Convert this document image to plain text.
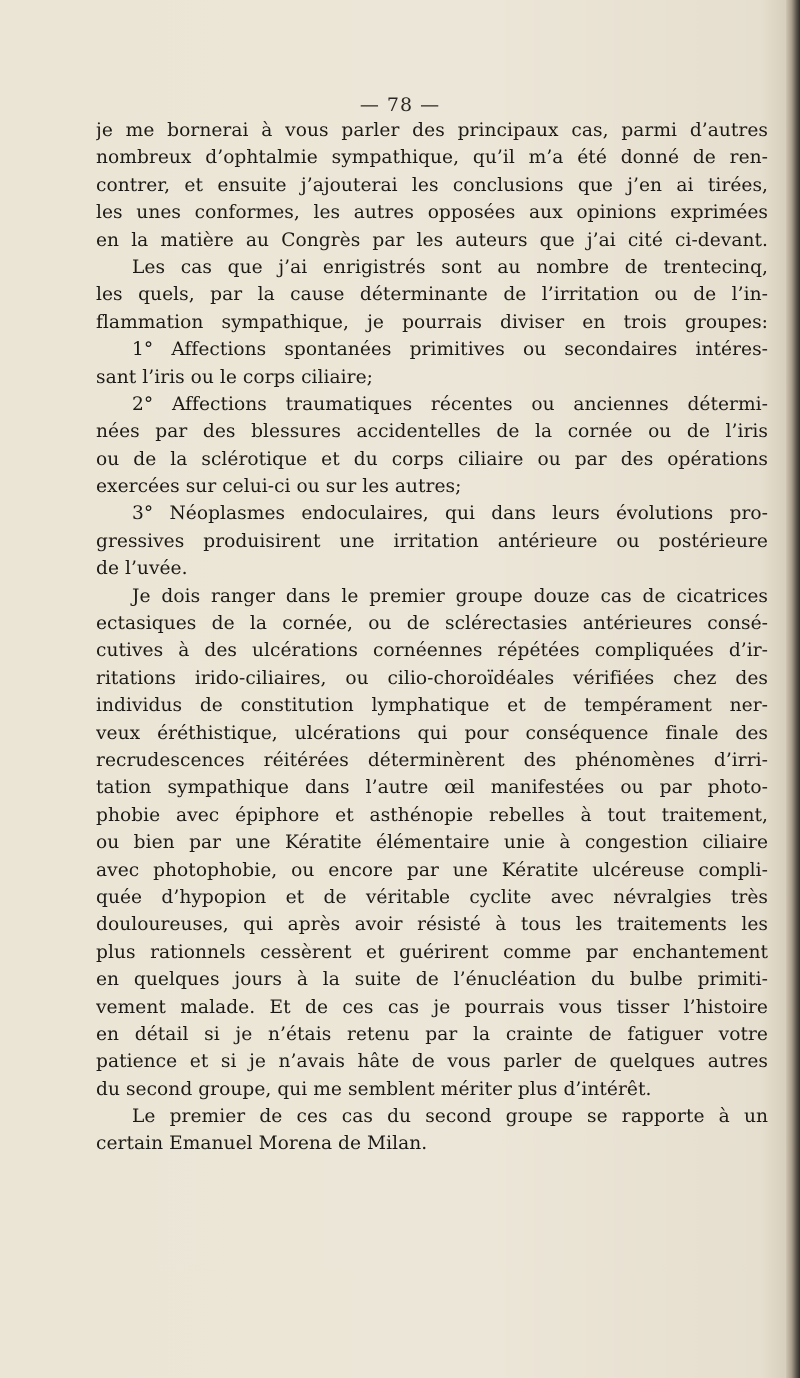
— 78 —
je me bornerai à vous parler des principaux cas, parmi d’autres
nombreux d’ophtalmie sympathique, qu’il m’a été donné de ren-
contrer, et ensuite j’ajouterai les conclusions que j’en ai tirées,
les unes conformes, les autres opposées aux opinions exprimées
en la matière au Congrès par les auteurs que j’ai cité ci-devant.
Les cas que j’ai enrigistrés sont au nombre de trentecinq,
les quels, par la cause déterminante de l’irritation ou de l’in-
flammation sympathique, je pourrais diviser en trois groupes:
1° Affections spontanées primitives ou secondaires intéres-
sant l’iris ou le corps ciliaire;
2° Affections traumatiques récentes ou anciennes détermi-
nées par des blessures accidentelles de la cornée ou de l’iris
ou de la sclérotique et du corps ciliaire ou par des opérations
exercées sur celui-ci ou sur les autres;
3° Néoplasmes endoculaires, qui dans leurs évolutions pro-
gressives produisirent une irritation antérieure ou postérieure
de l’uvée.
Je dois ranger dans le premier groupe douze cas de cicatrices
ectasiques de la cornée, ou de sclérectasies antérieures consé-
cutives à des ulcérations cornéennes répétées compliquées d’ir-
ritations irido-ciliaires, ou cilio-choroïdéales vérifiées chez des
individus de constitution lymphatique et de tempérament ner-
veux éréthistique, ulcérations qui pour conséquence finale des
recrudescences réitérées déterminèrent des phénomènes d’irri-
tation sympathique dans l’autre œil manifestées ou par photo-
phobie avec épiphore et asthénopie rebelles à tout traitement,
ou bien par une Kératite élémentaire unie à congestion ciliaire
avec photophobie, ou encore par une Kératite ulcéreuse compli-
quée d’hypopion et de véritable cyclite avec névralgies très
douloureuses, qui après avoir résisté à tous les traitements les
plus rationnels cessèrent et guérirent comme par enchantement
en quelques jours à la suite de l’énucléation du bulbe primiti-
vement malade. Et de ces cas je pourrais vous tisser l’histoire
en détail si je n’étais retenu par la crainte de fatiguer votre
patience et si je n’avais hâte de vous parler de quelques autres
du second groupe, qui me semblent mériter plus d’intérêt.
Le premier de ces cas du second groupe se rapporte à un
certain Emanuel Morena de Milan.
